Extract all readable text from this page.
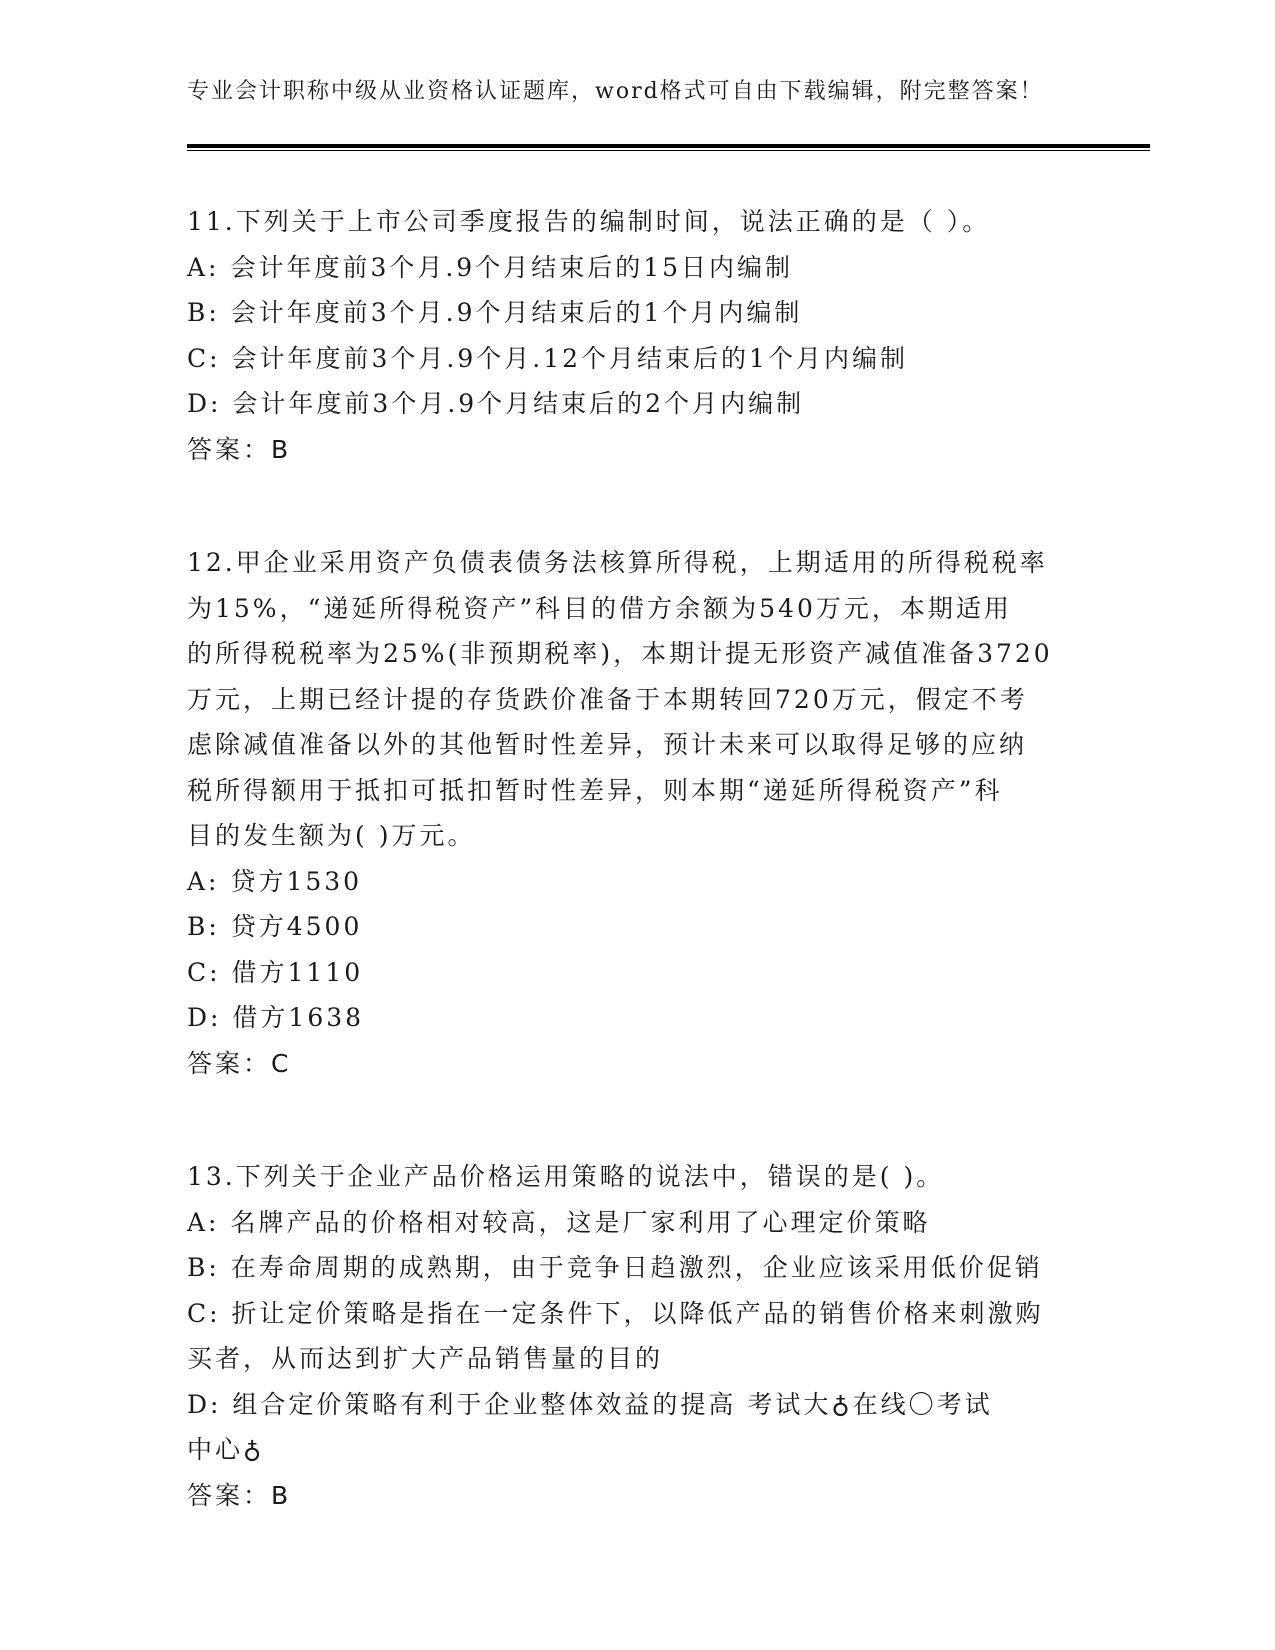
专业会计职称中级从业资格认证题库，word格式可自由下载编辑，附完整答案！
11.下列关于上市公司季度报告的编制时间，说法正确的是（ ）。
A: 会计年度前3个月.9个月结束后的15日内编制
B: 会计年度前3个月.9个月结束后的1个月内编制
C: 会计年度前3个月.9个月.12个月结束后的1个月内编制
D: 会计年度前3个月.9个月结束后的2个月内编制
答案：B
12.甲企业采用资产负债表债务法核算所得税，上期适用的所得税税率
为15%，“递延所得税资产”科目的借方余额为540万元，本期适用
的所得税税率为25%(非预期税率)，本期计提无形资产减值准备3720
万元，上期已经计提的存货跌价准备于本期转回720万元，假定不考
虑除减值准备以外的其他暂时性差异，预计未来可以取得足够的应纳
税所得额用于抵扣可抵扣暂时性差异，则本期“递延所得税资产”科
目的发生额为( )万元。
A: 贷方1530
B: 贷方4500
C: 借方1110
D: 借方1638
答案：C
13.下列关于企业产品价格运用策略的说法中，错误的是( )。
A: 名牌产品的价格相对较高，这是厂家利用了心理定价策略
B: 在寿命周期的成熟期，由于竞争日趋激烈，企业应该采用低价促销
C: 折让定价策略是指在一定条件下，以降低产品的销售价格来刺激购
买者，从而达到扩大产品销售量的目的
D: 组合定价策略有利于企业整体效益的提高 考试大♁在线〇考试
中心♁
答案：B
